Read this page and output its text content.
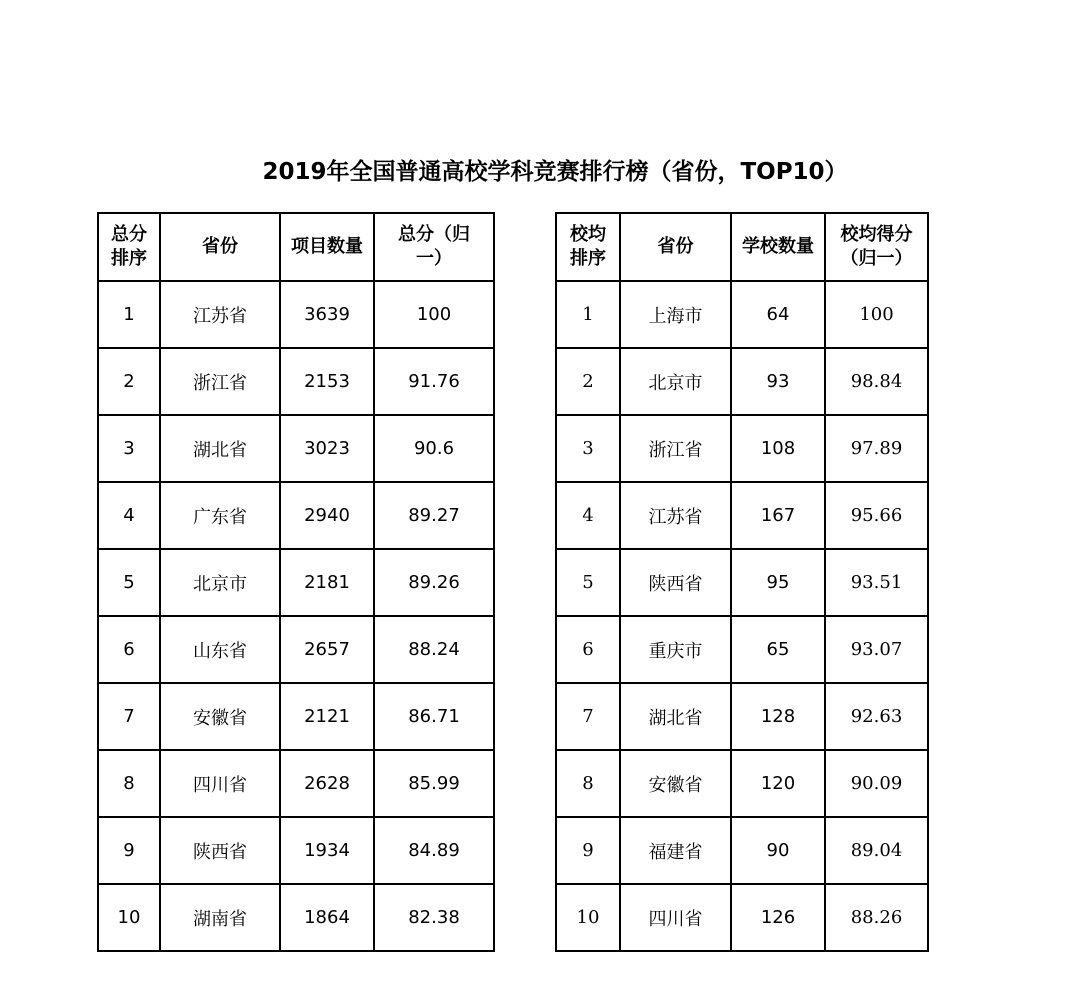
2019年全国普通高校学科竞赛排行榜（省份，TOP10）
总分
排序	省份	项目数量	总分（归
一）
1	江苏省	3639	100
2	浙江省	2153	91.76
3	湖北省	3023	90.6
4	广东省	2940	89.27
5	北京市	2181	89.26
6	山东省	2657	88.24
7	安徽省	2121	86.71
8	四川省	2628	85.99
9	陕西省	1934	84.89
10	湖南省	1864	82.38
校均
排序	省份	学校数量	校均得分
（归一）
1	上海市	64	100
2	北京市	93	98.84
3	浙江省	108	97.89
4	江苏省	167	95.66
5	陕西省	95	93.51
6	重庆市	65	93.07
7	湖北省	128	92.63
8	安徽省	120	90.09
9	福建省	90	89.04
10	四川省	126	88.26
